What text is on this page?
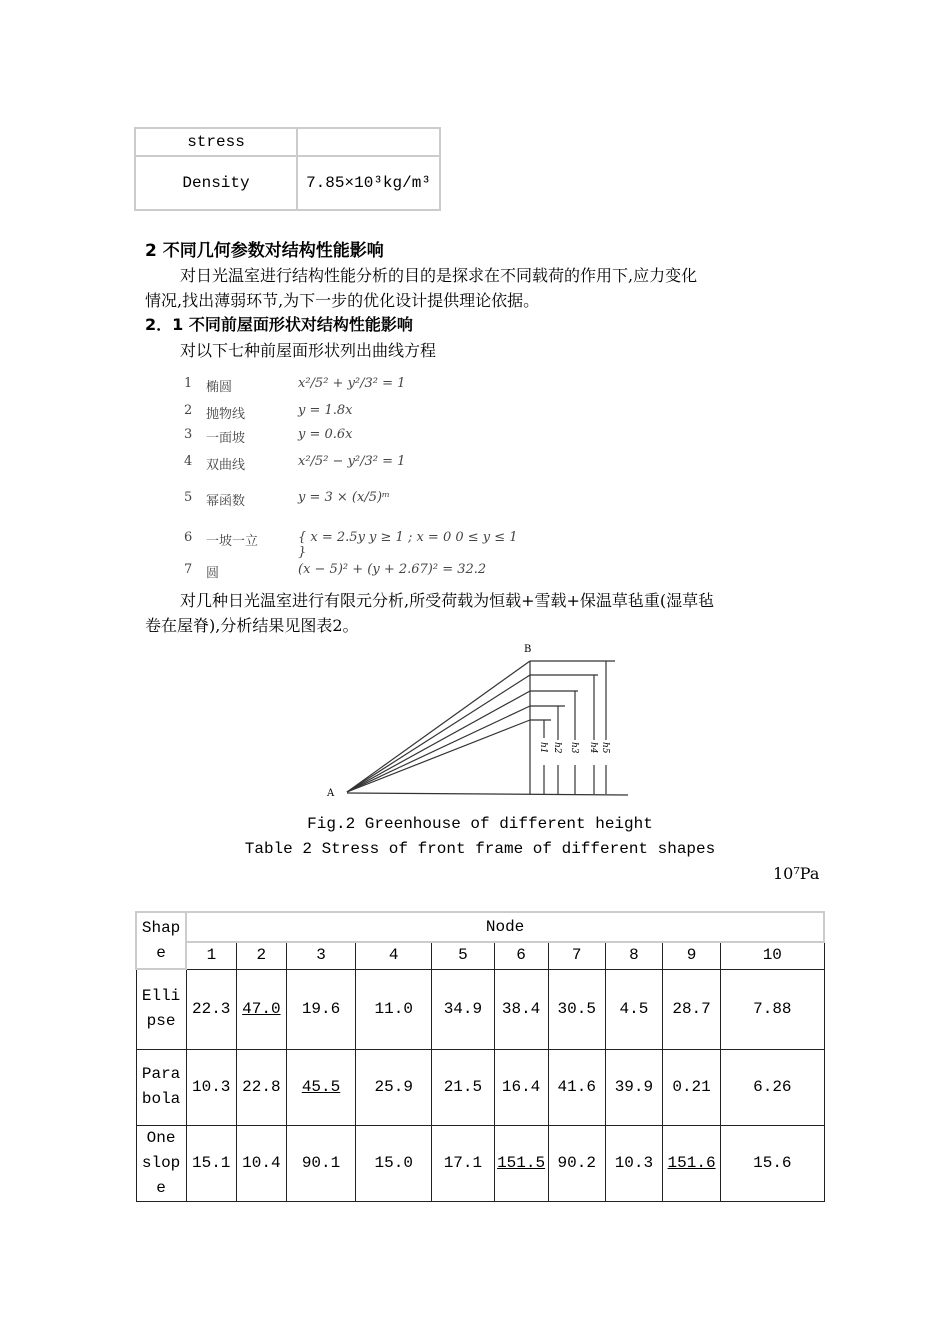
stress	
Density	7.85×10³kg/m³
2 不同几何参数对结构性能影响
对日光温室进行结构性能分析的目的是探求在不同载荷的作用下,应力变化
情况,找出薄弱环节,为下一步的优化设计提供理论依据。
2．1 不同前屋面形状对结构性能影响
对以下七种前屋面形状列出曲线方程
1 椭圆	x²/5² + y²/3² = 1
2 抛物线	y = 1.8x
3 一面坡	y = 0.6x
4 双曲线	x²/5² − y²/3² = 1
5 幂函数	y = 3 × (x/5)ᵐ
6 一坡一立	{ x = 2.5y y ≥ 1 ; x = 0 0 ≤ y ≤ 1 }
7 圆	(x − 5)² + (y + 2.67)² = 32.2
对几种日光温室进行有限元分析,所受荷载为恒载+雪载+保温草毡重(湿草毡
卷在屋脊),分析结果见图表2。
A
B
h1 h2 h3 h4 h5
Fig.2 Greenhouse of different height
Table 2 Stress of front frame of different shapes
10⁷Pa
Shape	Node									
	1	2	3	4	5	6	7	8	9	10
Ellipse	22.3	47.0	19.6	11.0	34.9	38.4	30.5	4.5	28.7	7.88
Parabola	10.3	22.8	45.5	25.9	21.5	16.4	41.6	39.9	0.21	6.26
One slope	15.1	10.4	90.1	15.0	17.1	151.5	90.2	10.3	151.6	15.6
